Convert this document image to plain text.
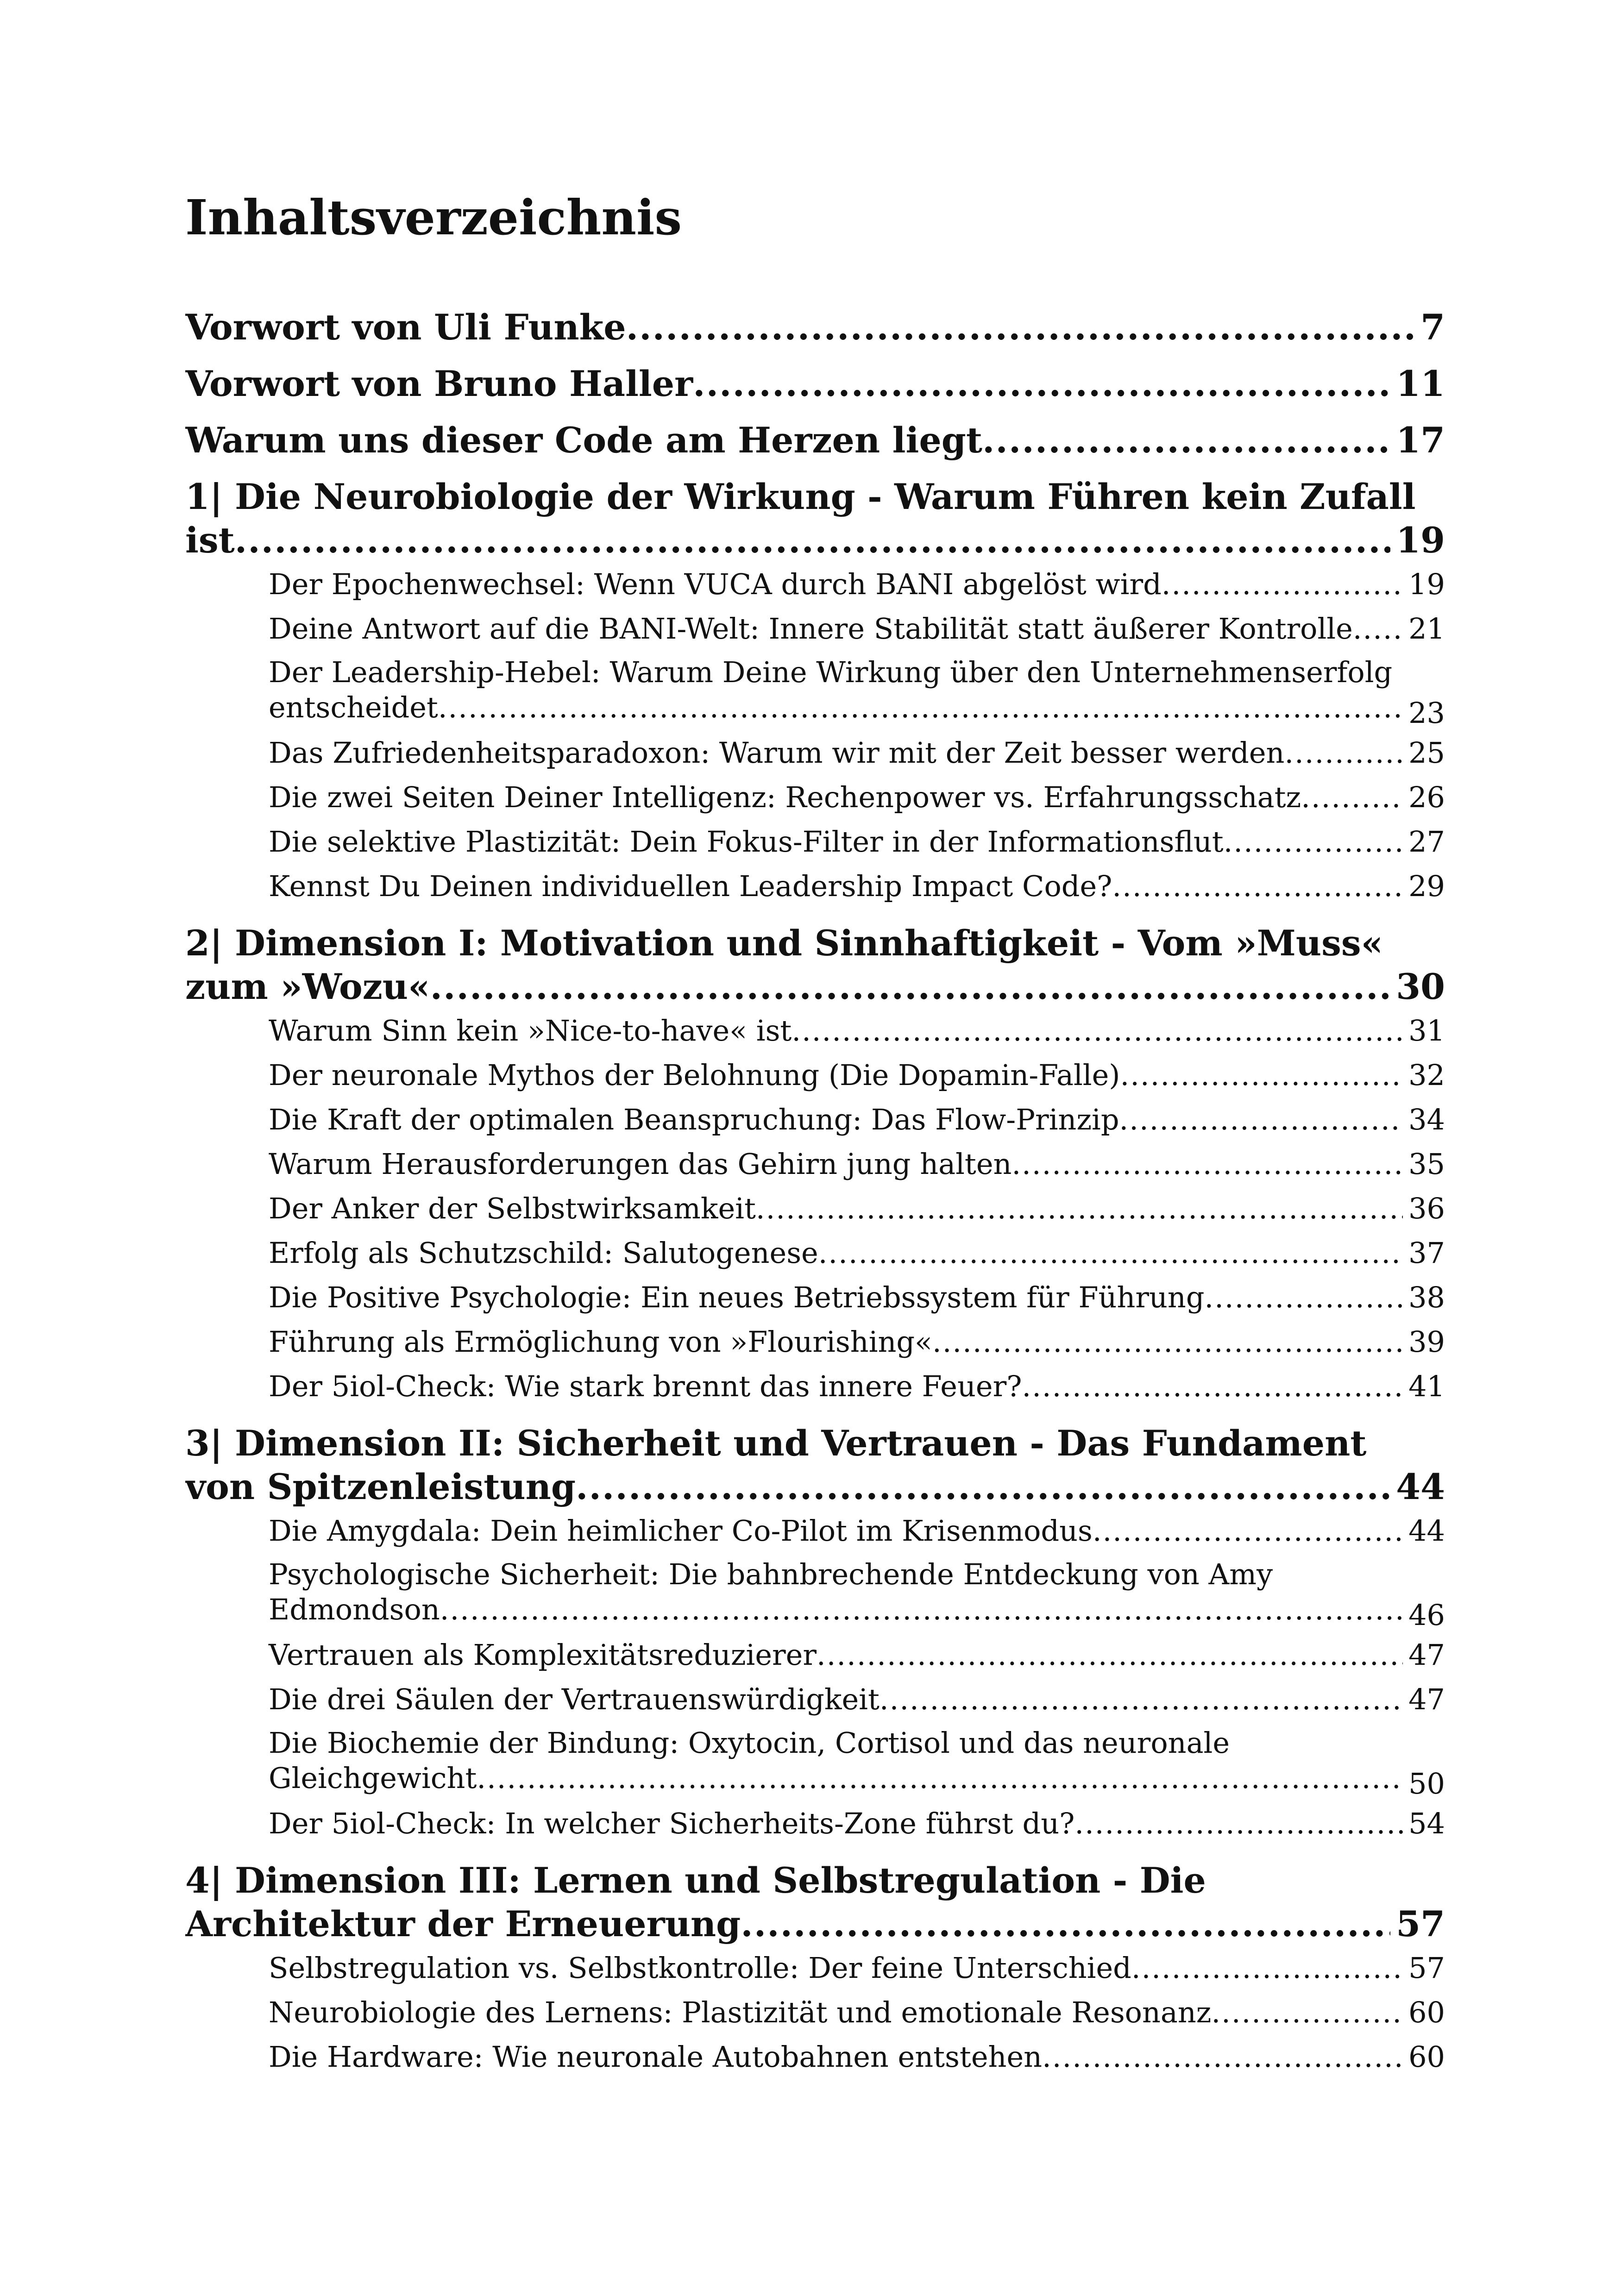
Inhaltsverzeichnis
Vorwort von Uli Funke .....	7
Vorwort von Bruno Haller .....	11
Warum uns dieser Code am Herzen liegt .....	17
1| Die Neurobiologie der Wirkung - Warum Führen kein Zufall ist .....	19
Der Epochenwechsel: Wenn VUCA durch BANI abgelöst wird .....	19
Deine Antwort auf die BANI-Welt: Innere Stabilität statt äußerer Kontrolle ..... 21
Der Leadership-Hebel: Warum Deine Wirkung über den Unternehmenserfolg entscheidet .....	23
Das Zufriedenheitsparadoxon: Warum wir mit der Zeit besser werden .....	25
Die zwei Seiten Deiner Intelligenz: Rechenpower vs. Erfahrungsschatz .....	26
Die selektive Plastizität: Dein Fokus-Filter in der Informationsflut .....	27
Kennst Du Deinen individuellen Leadership Impact Code? .....	29
2| Dimension I: Motivation und Sinnhaftigkeit - Vom »Muss« zum »Wozu« .....	30
Warum Sinn kein »Nice-to-have« ist .....	31
Der neuronale Mythos der Belohnung (Die Dopamin-Falle) .....	32
Die Kraft der optimalen Beanspruchung: Das Flow-Prinzip .....	34
Warum Herausforderungen das Gehirn jung halten .....	35
Der Anker der Selbstwirksamkeit .....	36
Erfolg als Schutzschild: Salutogenese .....	37
Die Positive Psychologie: Ein neues Betriebssystem für Führung .....	38
Führung als Ermöglichung von »Flourishing« .....	39
Der 5iol-Check: Wie stark brennt das innere Feuer? .....	41
3| Dimension II: Sicherheit und Vertrauen - Das Fundament von Spitzenleistung .....	44
Die Amygdala: Dein heimlicher Co-Pilot im Krisenmodus .....	44
Psychologische Sicherheit: Die bahnbrechende Entdeckung von Amy Edmondson .....	46
Vertrauen als Komplexitätsreduzierer .....	47
Die drei Säulen der Vertrauenswürdigkeit .....	47
Die Biochemie der Bindung: Oxytocin, Cortisol und das neuronale Gleichgewicht .....	50
Der 5iol-Check: In welcher Sicherheits-Zone führst du? .....	54
4| Dimension III: Lernen und Selbstregulation - Die Architektur der Erneuerung .....	57
Selbstregulation vs. Selbstkontrolle: Der feine Unterschied .....	57
Neurobiologie des Lernens: Plastizität und emotionale Resonanz .....	60
Die Hardware: Wie neuronale Autobahnen entstehen .....	60
